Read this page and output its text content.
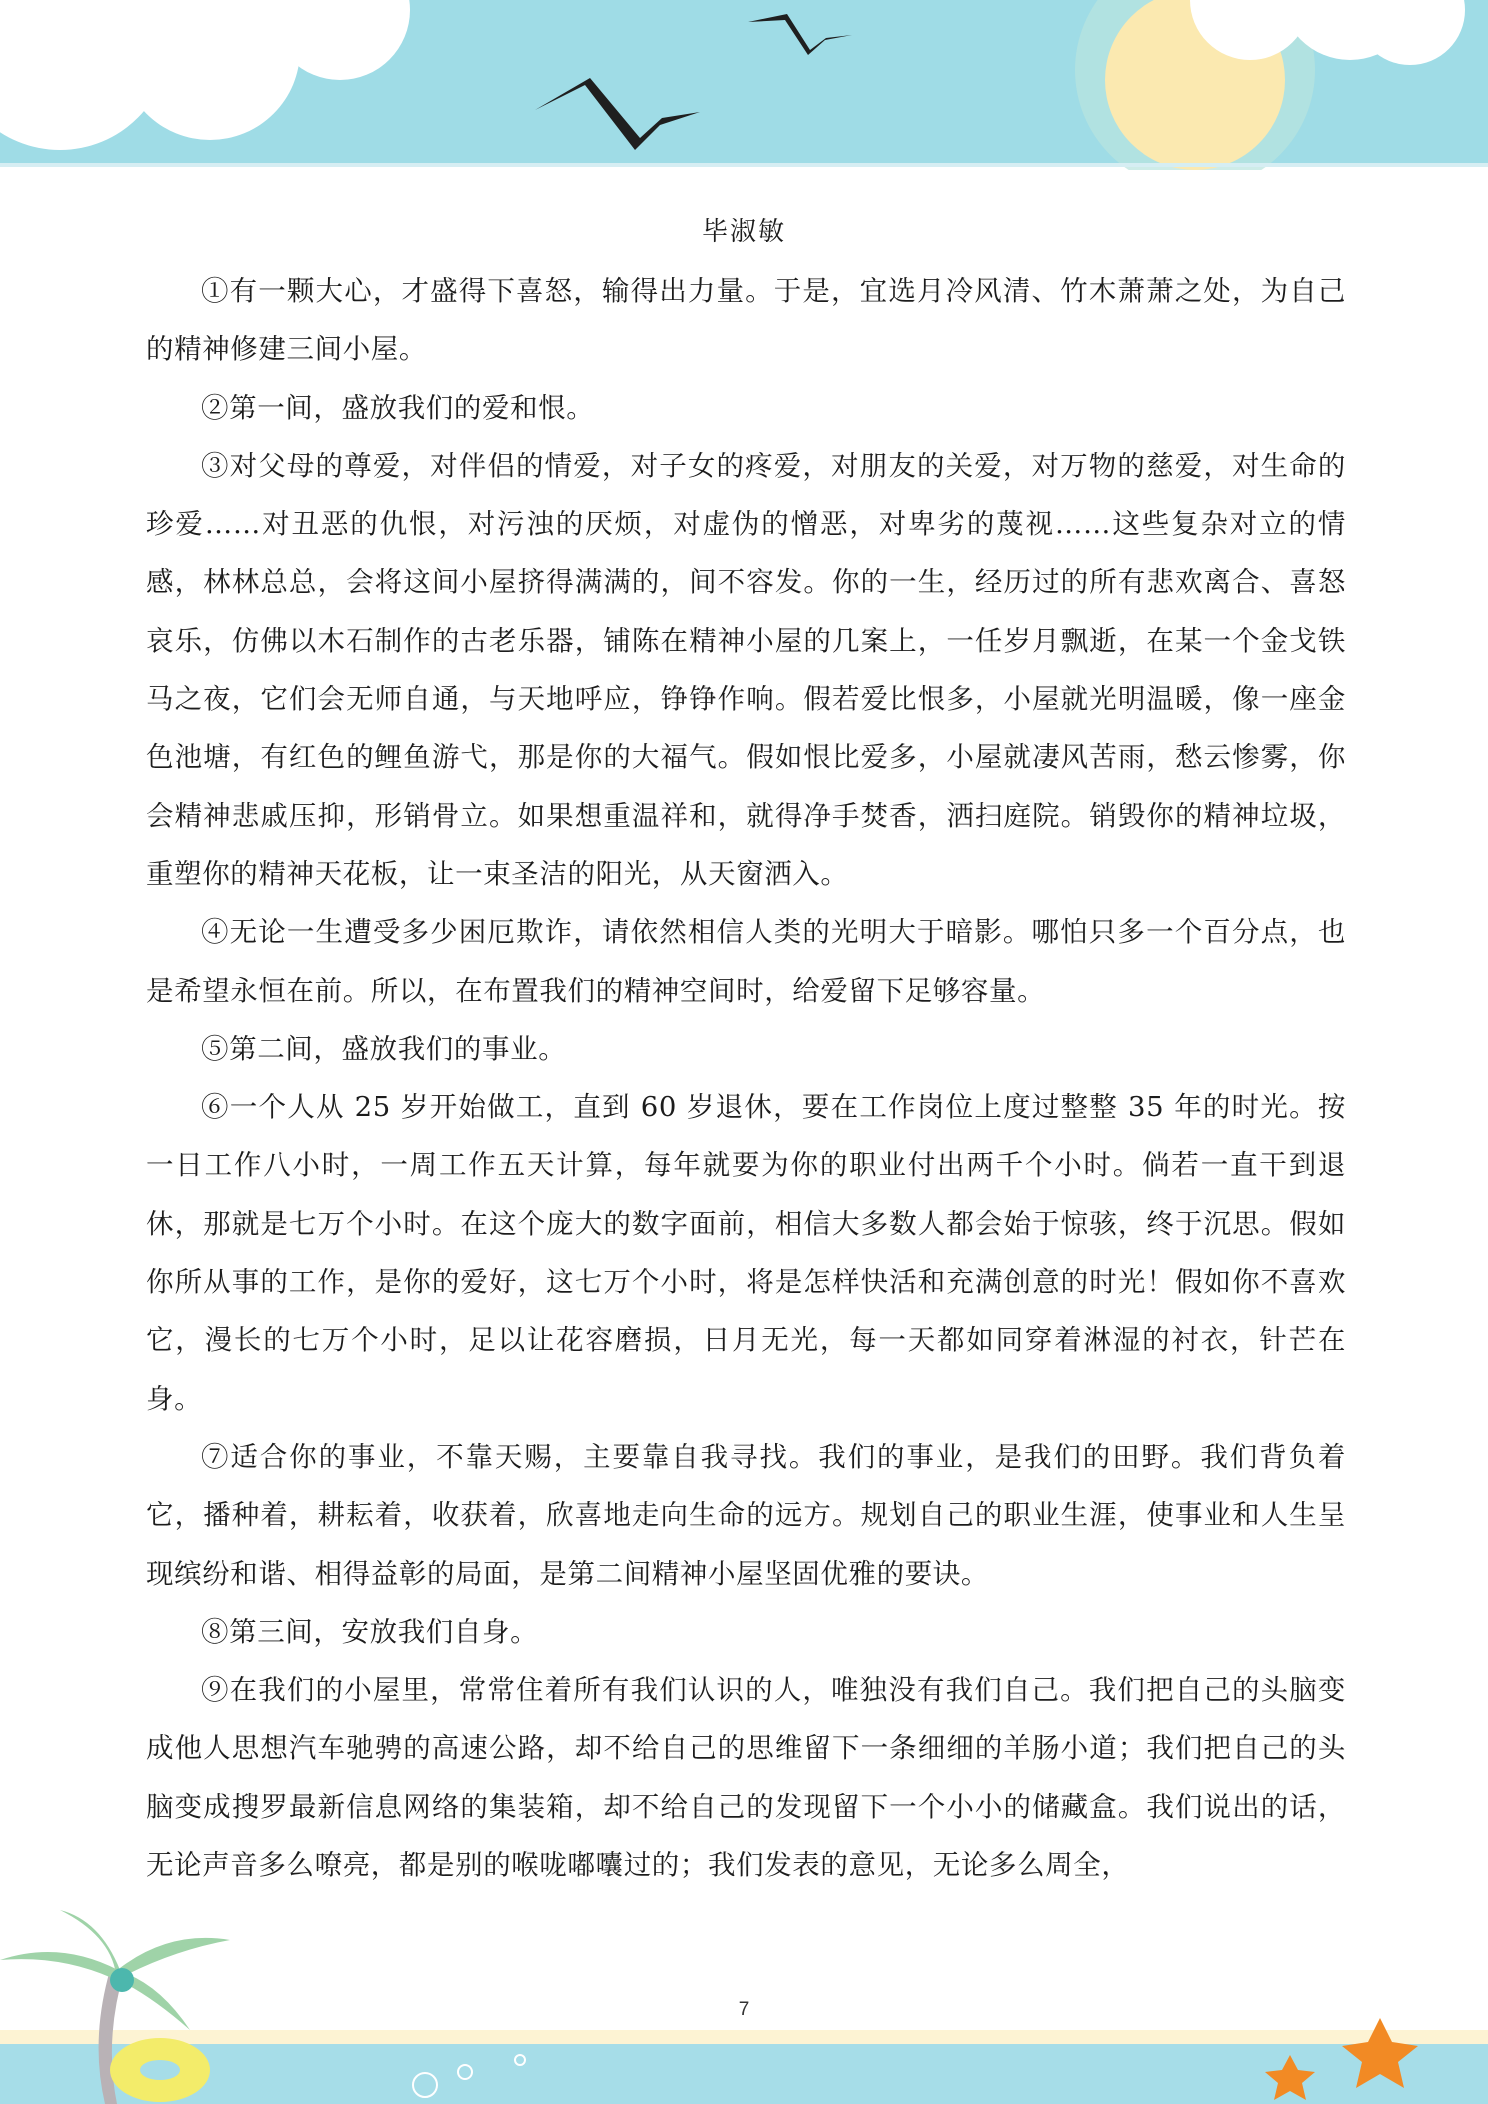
毕淑敏

①有一颗大心，才盛得下喜怒，输得出力量。于是，宜选月冷风清、竹木萧萧之处，为自己的精神修建三间小屋。

②第一间，盛放我们的爱和恨。

③对父母的尊爱，对伴侣的情爱，对子女的疼爱，对朋友的关爱，对万物的慈爱，对生命的珍爱……对丑恶的仇恨，对污浊的厌烦，对虚伪的憎恶，对卑劣的蔑视……这些复杂对立的情感，林林总总，会将这间小屋挤得满满的，间不容发。你的一生，经历过的所有悲欢离合、喜怒哀乐，仿佛以木石制作的古老乐器，铺陈在精神小屋的几案上，一任岁月飘逝，在某一个金戈铁马之夜，它们会无师自通，与天地呼应，铮铮作响。假若爱比恨多，小屋就光明温暖，像一座金色池塘，有红色的鲤鱼游弋，那是你的大福气。假如恨比爱多，小屋就凄风苦雨，愁云惨雾，你会精神悲戚压抑，形销骨立。如果想重温祥和，就得净手焚香，洒扫庭院。销毁你的精神垃圾，重塑你的精神天花板，让一束圣洁的阳光，从天窗洒入。

④无论一生遭受多少困厄欺诈，请依然相信人类的光明大于暗影。哪怕只多一个百分点，也是希望永恒在前。所以，在布置我们的精神空间时，给爱留下足够容量。

⑤第二间，盛放我们的事业。

⑥一个人从 25 岁开始做工，直到 60 岁退休，要在工作岗位上度过整整 35 年的时光。按一日工作八小时，一周工作五天计算，每年就要为你的职业付出两千个小时。倘若一直干到退休，那就是七万个小时。在这个庞大的数字面前，相信大多数人都会始于惊骇，终于沉思。假如你所从事的工作，是你的爱好，这七万个小时，将是怎样快活和充满创意的时光！假如你不喜欢它，漫长的七万个小时，足以让花容磨损，日月无光，每一天都如同穿着淋湿的衬衣，针芒在身。

⑦适合你的事业，不靠天赐，主要靠自我寻找。我们的事业，是我们的田野。我们背负着它，播种着，耕耘着，收获着，欣喜地走向生命的远方。规划自己的职业生涯，使事业和人生呈现缤纷和谐、相得益彰的局面，是第二间精神小屋坚固优雅的要诀。

⑧第三间，安放我们自身。

⑨在我们的小屋里，常常住着所有我们认识的人，唯独没有我们自己。我们把自己的头脑变成他人思想汽车驰骋的高速公路，却不给自己的思维留下一条细细的羊肠小道；我们把自己的头脑变成搜罗最新信息网络的集装箱，却不给自己的发现留下一个小小的储藏盒。我们说出的话，无论声音多么嘹亮，都是别的喉咙嘟囔过的；我们发表的意见，无论多么周全，

7
